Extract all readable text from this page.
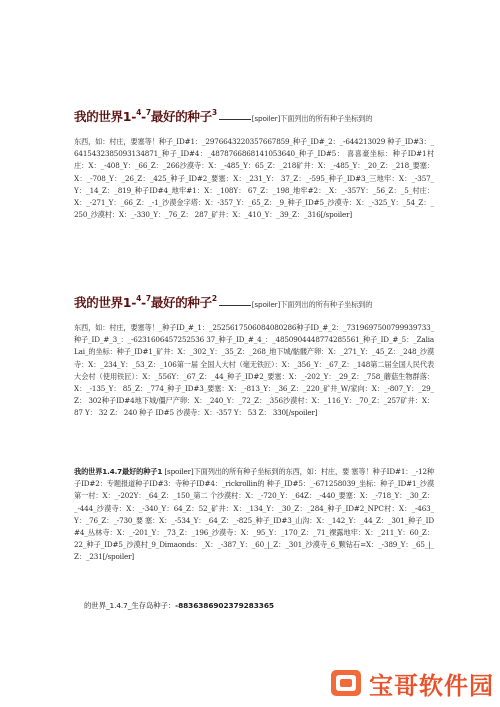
我的世界1-$^4$-$^7$最好的种子$^3$[spoiler]下面列出的所有种子坐标到的
东西，如：村庄，要塞等！种子_ID#1：_2976643220357667859_种子_ID#_2：_-644213029 种子_ID#3：_6415432385093134871_种子_ID#4：_4878766868141053640_种子_ID#5： 喜喜豪坐标：种子ID#1村庄：X：_-408_Y：_66_Z：_266沙漠寺：X：_-485_Y：65_Z：_218矿井：X：_-485_Y：_20_Z：_218_要塞：X：_-708_Y：_26_Z：_425_种子_ID#2_要塞：X：_231_Y： 37_Z：_-595_种子_ID#3_三地牢：X：_-357_Y：_14_Z：_819_种子ID#4_地牢#1：X：_108Y： 67_Z：_198_地牢#2：_X：_-357Y：_56_Z：_5_村庄：X：_-271_Y：_66_Z：_-1_沙漠金字塔：X：-357_Y：_65_Z：_9_种子_ID#5_沙漠寺：X：_-325_Y：_54_Z：_250_沙漠村：X：_-330_Y：_76_Z： 287_矿井：X：_410_Y：_39_Z：_316[/spoiler]
我的世界1-$^4$-$^7$最好的种子$^2$[spoiler]下面列出的所有种子坐标到的
东西，如：村庄，要塞等！_种子ID_#_1：_2525617506084080286种子ID_#_2：_7319697500799939733_种子_ID_#_3_：_-6231606457252536 37_种子_ID_#_4_：_4850904448774285561_种子_ID_#_5：_ZaliaLai_的坐标：种子_ID#1_矿井：X：_302_Y：_35_Z：_268_地下城/骷髅产卵：X：_271_Y：_45_Z：_248_沙漠寺：X：_234_Y：_53_Z：_106第一届 全国人大村（毫无铁匠）：X：_356_Y：_67_Z：_148第二届全国人民代表大会村（使用铁匠）：X：_556Y：_67_Z：_44_种子_ID#2_要塞：X：_-202_Y：_29_Z：_758_蘑菇生物群落：X：_-135_Y： 85_Z：_774_种子_ID#3_要塞：X：_-813_Y：_36_Z：_220_矿井_W/家向：X：_-807_Y：_29_Z： 302种子ID#4地下城/僵尸产卵：X：_240_Y：_72_Z：_356沙漠村：X：_116_Y：_70_Z：_257矿井：X： 87 Y： 32 Z： 240 种子 ID#5 沙漠寺：X：-357 Y： 53 Z： 330[/spoiler]
我的世界1.4.7最好的种子1 [spoiler]下面列出的所有种子坐标到的东西，如：村庄，要 塞等！种子ID#1：_-12种子ID#2：专题报道种子ID#3：寺种子ID#4：_rickrollin的 种子_ID#5：_-671258039_坐标：种子_ID#1_沙漠第一村：X：_-202Y：_64_Z：_150_第二 个沙漠村：X：_-720_Y：_64Z：_-440_要塞：X：_-718_Y：_30_Z：_-444_沙漠寺：X：_-340_Y：64_Z：52_矿井：X：_134_Y：_30_Z：_284_种子_ID#2_NPC村：X：_-463_Y：_76_Z：_-730_要 塞：X：_-534_Y：_64_Z：_-825_种子_ID#3_山沟：X：_142_Y：_44_Z：_301_种子_ID#4_丛林寺：X：_-201_Y：_73_Z：_196_沙漠寺：X：_95_Y：_170_Z：_71_裸露地牢：X：_211_Y：60_Z： 22_种子_ID#5_沙漠村_9_Dimaonds：_X：_-387_Y：_60_|_Z：_301_沙漠寺_6_颗钻石=X：_-389_Y：_65_|_Z：_231[/spoiler]
的世界_1.4.7_生存岛种子：-8836386902379283365
宝哥软件园
